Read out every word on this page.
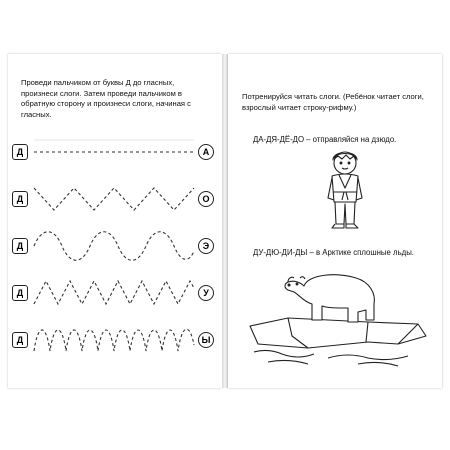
Проведи пальчиком от буквы Д до гласных, произнеси слоги. Затем проведи пальчиком в обратную сторону и произнеси слоги, начиная с гласных.
Д	А
Д	О
Д	Э
Д	У
Д	Ы
Потренируйся читать слоги. (Ребёнок читает слоги, взрослый читает строку-рифму.)
ДА-ДЯ-ДЁ-ДО – отправляйся на дзюдо.
ДУ-ДЮ-ДИ-ДЫ – в Арктике сплошные льды.
